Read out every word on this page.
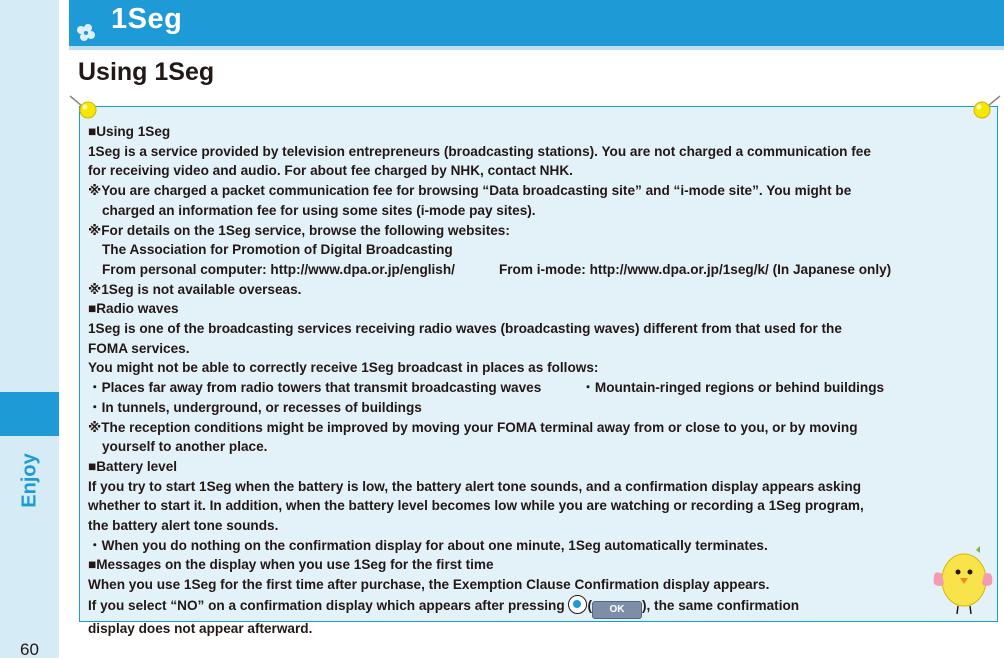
Enjoy
60
1Seg
Using 1Seg

■Using 1Seg

1Seg is a service provided by television entrepreneurs (broadcasting stations). You are not charged a communication fee

for receiving video and audio. For about fee charged by NHK, contact NHK.

※You are charged a packet communication fee for browsing “Data broadcasting site” and “i-mode site”. You might be

charged an information fee for using some sites (i-mode pay sites).

※For details on the 1Seg service, browse the following websites:

The Association for Promotion of Digital Broadcasting

From personal computer: http://www.dpa.or.jp/english/	From i-mode: http://www.dpa.or.jp/1seg/k/ (In Japanese only)

※1Seg is not available overseas.

■Radio waves

1Seg is one of the broadcasting services receiving radio waves (broadcasting waves) different from that used for the

FOMA services.

You might not be able to correctly receive 1Seg broadcast in places as follows:

・Places far away from radio towers that transmit broadcasting waves	・Mountain-ringed regions or behind buildings

・In tunnels, underground, or recesses of buildings

※The reception conditions might be improved by moving your FOMA terminal away from or close to you, or by moving

yourself to another place.

■Battery level

If you try to start 1Seg when the battery is low, the battery alert tone sounds, and a confirmation display appears asking

whether to start it. In addition, when the battery level becomes low while you are watching or recording a 1Seg program,

the battery alert tone sounds.

・When you do nothing on the confirmation display for about one minute, 1Seg automatically terminates.

■Messages on the display when you use 1Seg for the first time

When you use 1Seg for the first time after purchase, the Exemption Clause Confirmation display appears.

If you select “NO” on a confirmation display which appears after pressing ( OK ), the same confirmation

display does not appear afterward.
